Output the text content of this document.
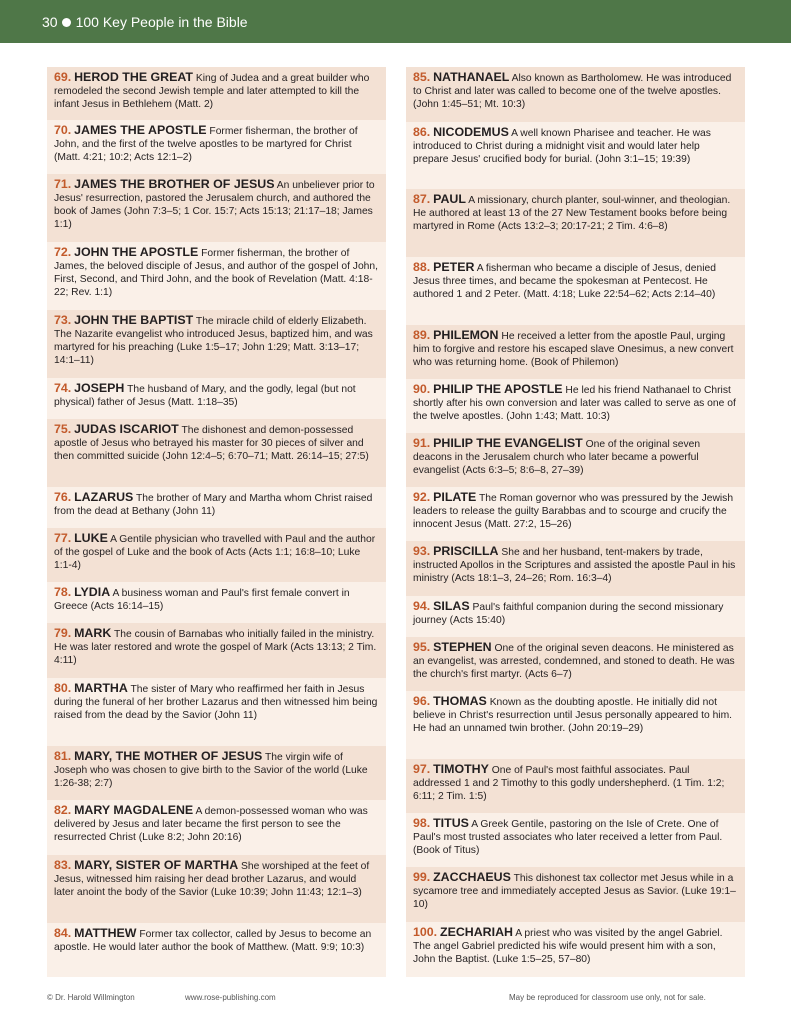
30 100 Key People in the Bible
69. HEROD THE GREAT King of Judea and a great builder who remodeled the second Jewish temple and later attempted to kill the infant Jesus in Bethlehem (Matt. 2)
70. JAMES THE APOSTLE Former fisherman, the brother of John, and the first of the twelve apostles to be martyred for Christ (Matt. 4:21; 10:2; Acts 12:1–2)
71. JAMES THE BROTHER OF JESUS An unbeliever prior to Jesus' resurrection, pastored the Jerusalem church, and authored the book of James (John 7:3–5; 1 Cor. 15:7; Acts 15:13; 21:17–18; James 1:1)
72. JOHN THE APOSTLE Former fisherman, the brother of James, the beloved disciple of Jesus, and author of the gospel of John, First, Second, and Third John, and the book of Revelation (Matt. 4:18-22; Rev. 1:1)
73. JOHN THE BAPTIST The miracle child of elderly Elizabeth. The Nazarite evangelist who introduced Jesus, baptized him, and was martyred for his preaching (Luke 1:5–17; John 1:29; Matt. 3:13–17; 14:1–11)
74. JOSEPH The husband of Mary, and the godly, legal (but not physical) father of Jesus (Matt. 1:18–35)
75. JUDAS ISCARIOT The dishonest and demon-possessed apostle of Jesus who betrayed his master for 30 pieces of silver and then committed suicide (John 12:4–5; 6:70–71; Matt. 26:14–15; 27:5)
76. LAZARUS The brother of Mary and Martha whom Christ raised from the dead at Bethany (John 11)
77. LUKE A Gentile physician who travelled with Paul and the author of the gospel of Luke and the book of Acts (Acts 1:1; 16:8–10; Luke 1:1-4)
78. LYDIA A business woman and Paul's first female convert in Greece (Acts 16:14–15)
79. MARK The cousin of Barnabas who initially failed in the ministry. He was later restored and wrote the gospel of Mark (Acts 13:13; 2 Tim. 4:11)
80. MARTHA The sister of Mary who reaffirmed her faith in Jesus during the funeral of her brother Lazarus and then witnessed him being raised from the dead by the Savior (John 11)
81. MARY, THE MOTHER OF JESUS The virgin wife of Joseph who was chosen to give birth to the Savior of the world (Luke 1:26-38; 2:7)
82. MARY MAGDALENE A demon-possessed woman who was delivered by Jesus and later became the first person to see the resurrected Christ (Luke 8:2; John 20:16)
83. MARY, SISTER OF MARTHA She worshiped at the feet of Jesus, witnessed him raising her dead brother Lazarus, and would later anoint the body of the Savior (Luke 10:39; John 11:43; 12:1–3)
84. MATTHEW Former tax collector, called by Jesus to become an apostle. He would later author the book of Matthew. (Matt. 9:9; 10:3)
85. NATHANAEL Also known as Bartholomew. He was introduced to Christ and later was called to become one of the twelve apostles. (John 1:45–51; Mt. 10:3)
86. NICODEMUS A well known Pharisee and teacher. He was introduced to Christ during a midnight visit and would later help prepare Jesus' crucified body for burial. (John 3:1–15; 19:39)
87. PAUL A missionary, church planter, soul-winner, and theologian. He authored at least 13 of the 27 New Testament books before being martyred in Rome (Acts 13:2–3; 20:17-21; 2 Tim. 4:6–8)
88. PETER A fisherman who became a disciple of Jesus, denied Jesus three times, and became the spokesman at Pentecost. He authored 1 and 2 Peter. (Matt. 4:18; Luke 22:54–62; Acts 2:14–40)
89. PHILEMON He received a letter from the apostle Paul, urging him to forgive and restore his escaped slave Onesimus, a new convert who was returning home. (Book of Philemon)
90. PHILIP THE APOSTLE He led his friend Nathanael to Christ shortly after his own conversion and later was called to serve as one of the twelve apostles. (John 1:43; Matt. 10:3)
91. PHILIP THE EVANGELIST One of the original seven deacons in the Jerusalem church who later became a powerful evangelist (Acts 6:3–5; 8:6–8, 27–39)
92. PILATE The Roman governor who was pressured by the Jewish leaders to release the guilty Barabbas and to scourge and crucify the innocent Jesus (Matt. 27:2, 15–26)
93. PRISCILLA She and her husband, tent-makers by trade, instructed Apollos in the Scriptures and assisted the apostle Paul in his ministry (Acts 18:1–3, 24–26; Rom. 16:3–4)
94. SILAS Paul's faithful companion during the second missionary journey (Acts 15:40)
95. STEPHEN One of the original seven deacons. He ministered as an evangelist, was arrested, condemned, and stoned to death. He was the church's first martyr. (Acts 6–7)
96. THOMAS Known as the doubting apostle. He initially did not believe in Christ's resurrection until Jesus personally appeared to him. He had an unnamed twin brother. (John 20:19–29)
97. TIMOTHY One of Paul's most faithful associates. Paul addressed 1 and 2 Timothy to this godly undershepherd. (1 Tim. 1:2; 6:11; 2 Tim. 1:5)
98. TITUS A Greek Gentile, pastoring on the Isle of Crete. One of Paul's most trusted associates who later received a letter from Paul. (Book of Titus)
99. ZACCHAEUS This dishonest tax collector met Jesus while in a sycamore tree and immediately accepted Jesus as Savior. (Luke 19:1–10)
100. ZECHARIAH A priest who was visited by the angel Gabriel. The angel Gabriel predicted his wife would present him with a son, John the Baptist. (Luke 1:5–25, 57–80)
© Dr. Harold Willmington	www.rose-publishing.com	May be reproduced for classroom use only, not for sale.
